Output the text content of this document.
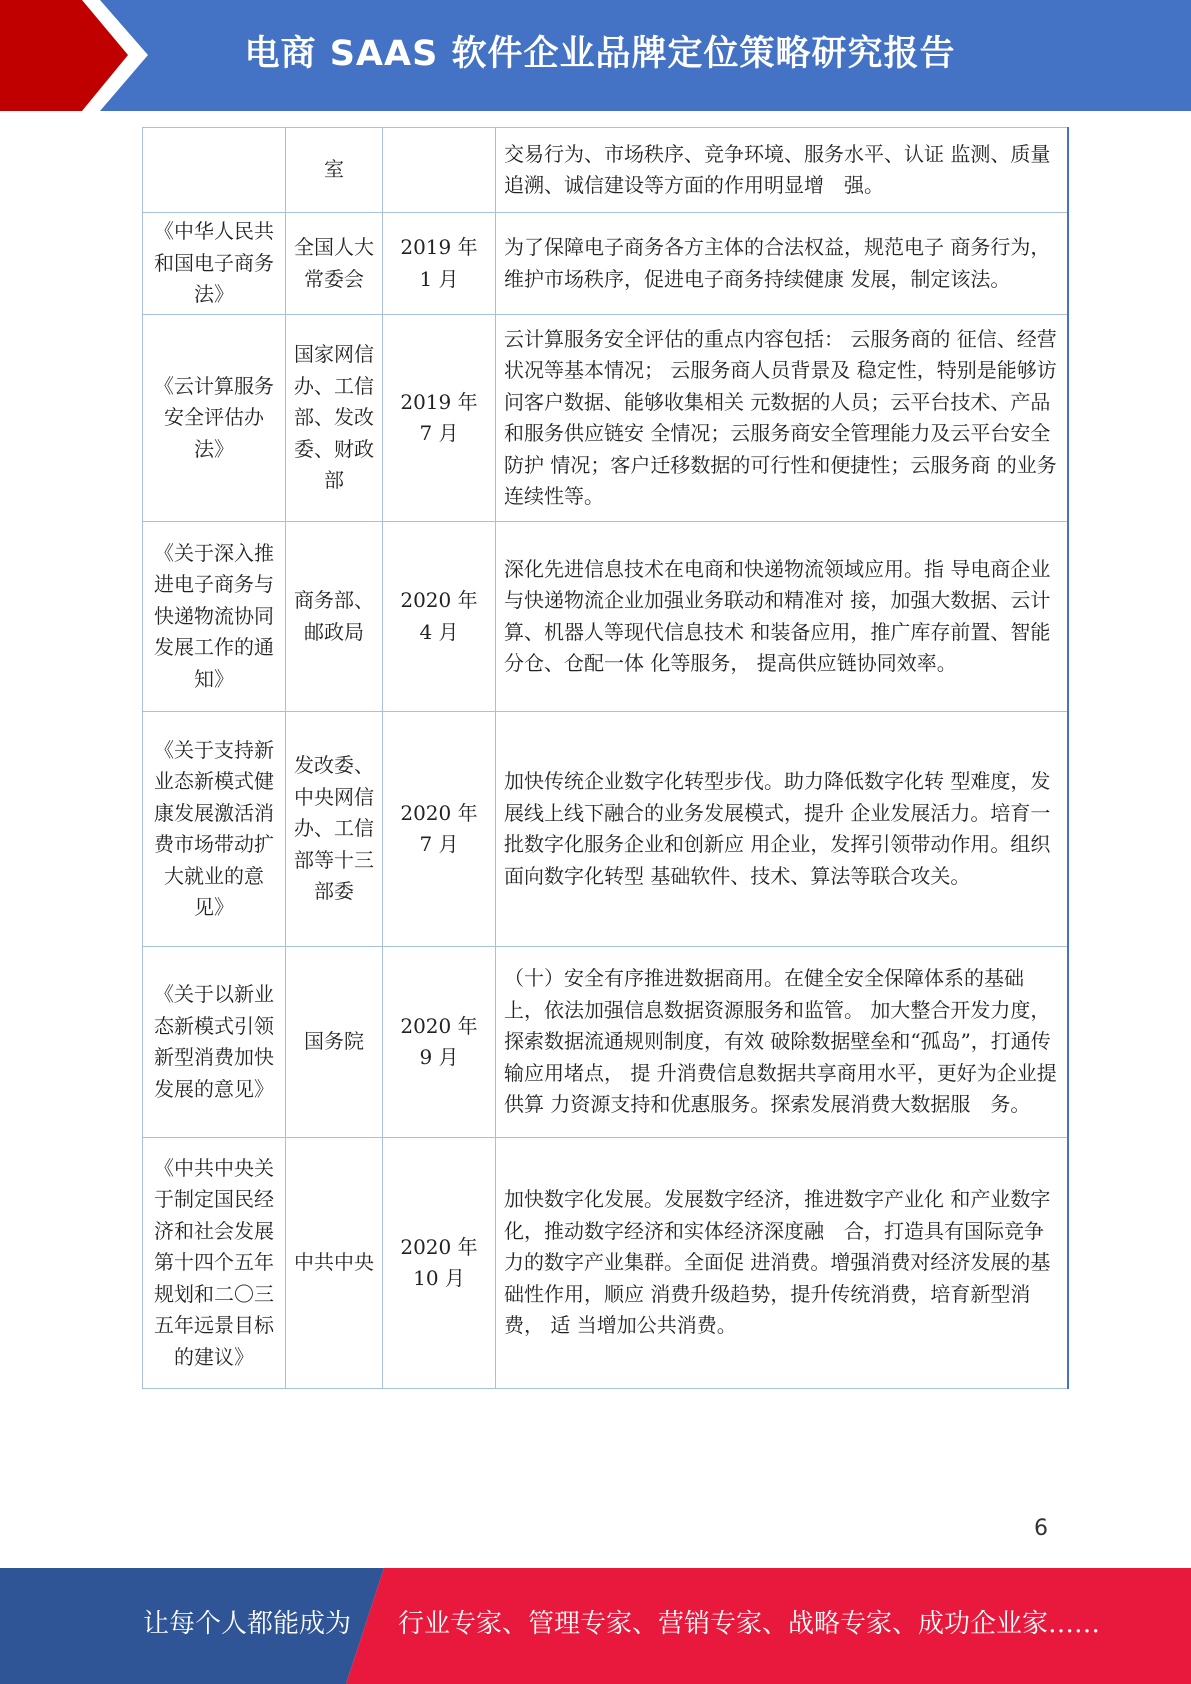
电商 SAAS 软件企业品牌定位策略研究报告
	室		交易行为、市场秩序、竞争环境、服务水平、认证 监测、质量追溯、诚信建设等方面的作用明显增　强。
《中华人民共和国电子商务法》	全国人大常委会	2019 年 1 月	为了保障电子商务各方主体的合法权益，规范电子 商务行为， 维护市场秩序，促进电子商务持续健康 发展，制定该法。
《云计算服务安全评估办法》	国家网信办、工信部、发改委、财政部	2019 年 7 月	云计算服务安全评估的重点内容包括： 云服务商的 征信、经营状况等基本情况； 云服务商人员背景及 稳定性，特别是能够访问客户数据、能够收集相关 元数据的人员；云平台技术、产品和服务供应链安 全情况；云服务商安全管理能力及云平台安全防护 情况；客户迁移数据的可行性和便捷性；云服务商 的业务连续性等。
《关于深入推进电子商务与快递物流协同发展工作的通知》	商务部、邮政局	2020 年 4 月	深化先进信息技术在电商和快递物流领域应用。指 导电商企业与快递物流企业加强业务联动和精准对 接，加强大数据、云计算、机器人等现代信息技术 和装备应用，推广库存前置、智能分仓、仓配一体 化等服务， 提高供应链协同效率。
《关于支持新业态新模式健康发展激活消费市场带动扩大就业的意见》	发改委、中央网信办、工信部等十三部委	2020 年 7 月	加快传统企业数字化转型步伐。助力降低数字化转 型难度，发展线上线下融合的业务发展模式，提升 企业发展活力。培育一批数字化服务企业和创新应 用企业，发挥引领带动作用。组织面向数字化转型 基础软件、技术、算法等联合攻关。
《关于以新业态新模式引领新型消费加快发展的意见》	国务院	2020 年 9 月	（十）安全有序推进数据商用。在健全安全保障体系的基础上，依法加强信息数据资源服务和监管。 加大整合开发力度， 探索数据流通规则制度，有效 破除数据壁垒和“孤岛”，打通传输应用堵点， 提 升消费信息数据共享商用水平，更好为企业提供算 力资源支持和优惠服务。探索发展消费大数据服　务。
《中共中央关于制定国民经济和社会发展第十四个五年规划和二〇三五年远景目标的建议》	中共中央	2020 年 10 月	加快数字化发展。发展数字经济，推进数字产业化 和产业数字化，推动数字经济和实体经济深度融　合，打造具有国际竞争力的数字产业集群。全面促 进消费。增强消费对经济发展的基础性作用，顺应 消费升级趋势，提升传统消费，培育新型消费， 适 当增加公共消费。
6
让每个人都能成为 行业专家、管理专家、营销专家、战略专家、成功企业家……
